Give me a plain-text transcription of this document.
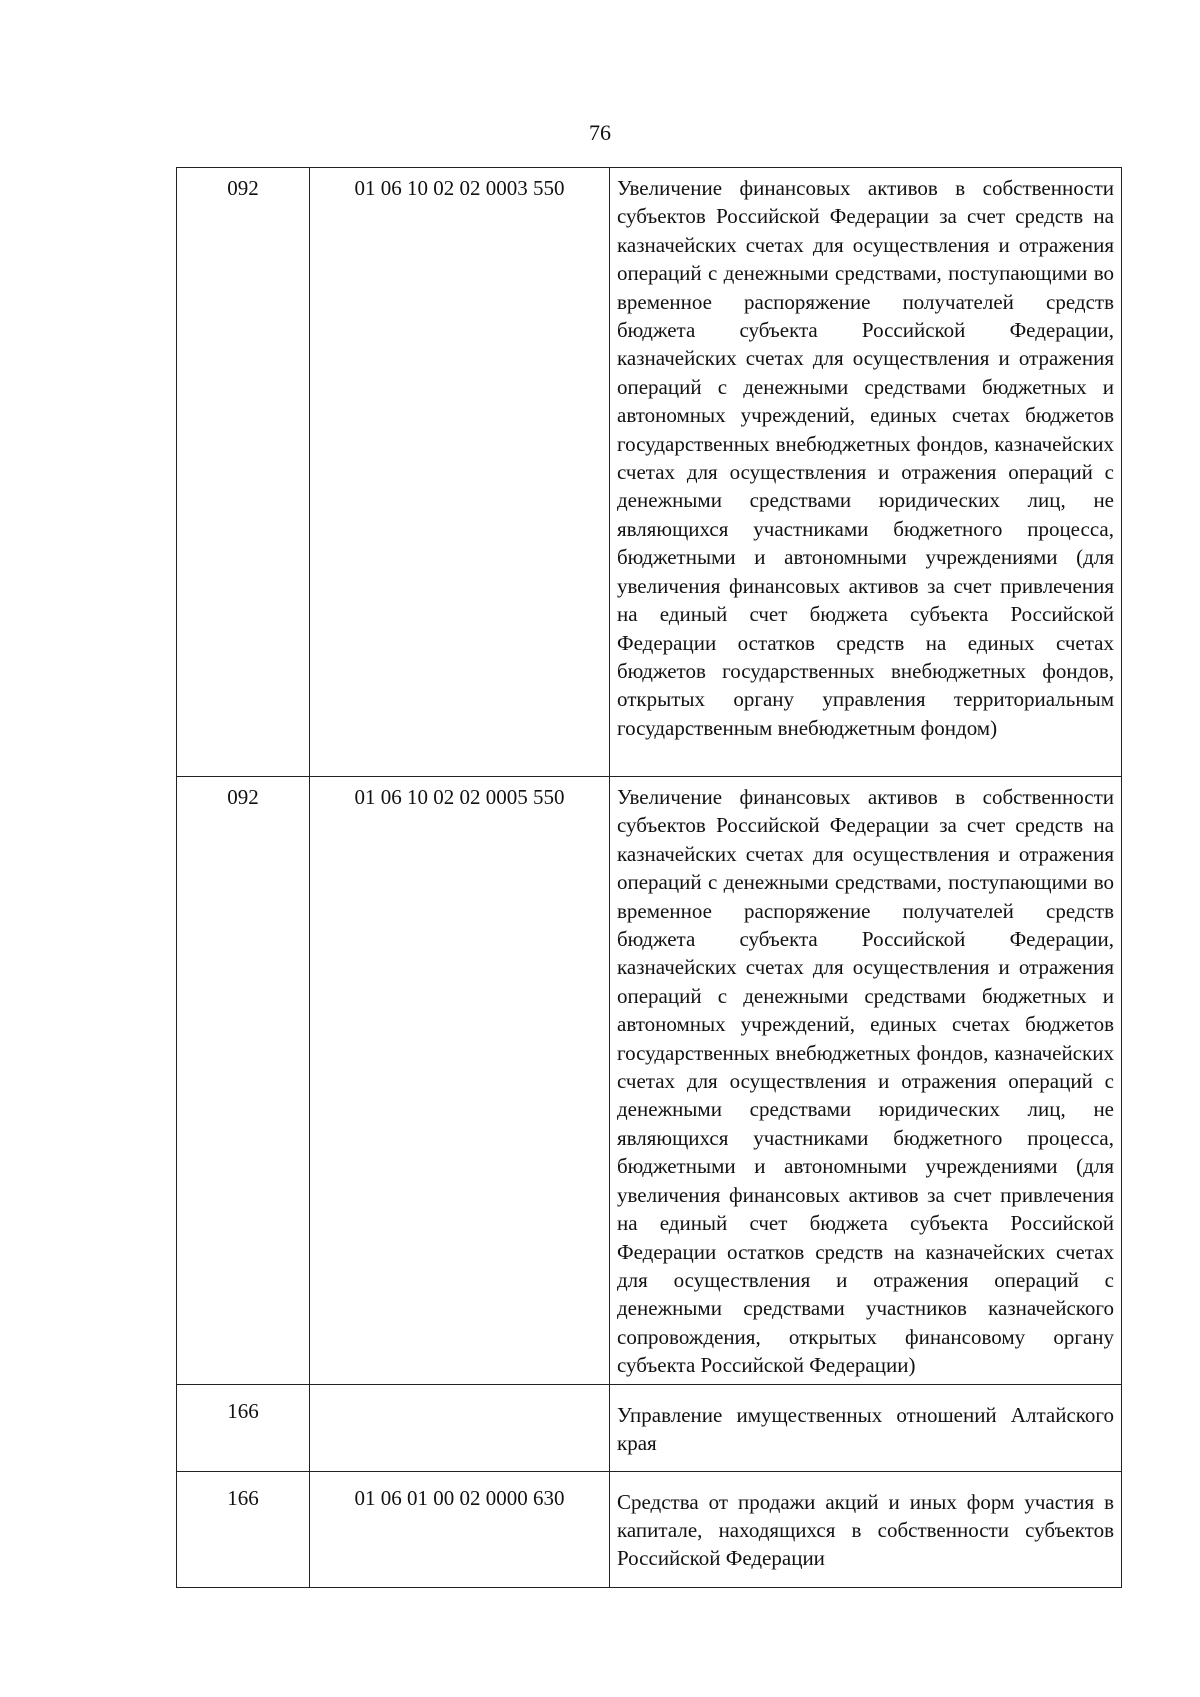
76
092	01 06 10 02 02 0003 550	Увеличение финансовых активов в собственности субъектов Российской Федерации за счет средств на казначейских счетах для осуществления и отражения операций с денежными средствами, поступающими во временное распоряжение получателей средств бюджета субъекта Российской Федерации, казначейских счетах для осуществления и отражения операций с денежными средствами бюджетных и автономных учреждений, единых счетах бюджетов государственных внебюджетных фондов, казначейских счетах для осуществления и отражения операций с денежными средствами юридических лиц, не являющихся участниками бюджетного процесса, бюджетными и автономными учреждениями (для увеличения финансовых активов за счет привлечения на единый счет бюджета субъекта Российской Федерации остатков средств на единых счетах бюджетов государственных внебюджетных фондов, открытых органу управления территориальным государственным внебюджетным фондом)
092	01 06 10 02 02 0005 550	Увеличение финансовых активов в собственности субъектов Российской Федерации за счет средств на казначейских счетах для осуществления и отражения операций с денежными средствами, поступающими во временное распоряжение получателей средств бюджета субъекта Российской Федерации, казначейских счетах для осуществления и отражения операций с денежными средствами бюджетных и автономных учреждений, единых счетах бюджетов государственных внебюджетных фондов, казначейских счетах для осуществления и отражения операций с денежными средствами юридических лиц, не являющихся участниками бюджетного процесса, бюджетными и автономными учреждениями (для увеличения финансовых активов за счет привлечения на единый счет бюджета субъекта Российской Федерации остатков средств на казначейских счетах для осуществления и отражения операций с денежными средствами участников казначейского сопровождения, открытых финансовому органу субъекта Российской Федерации)
166		Управление имущественных отношений Алтайского края
166	01 06 01 00 02 0000 630	Средства от продажи акций и иных форм участия в капитале, находящихся в собственности субъектов Российской Федерации
